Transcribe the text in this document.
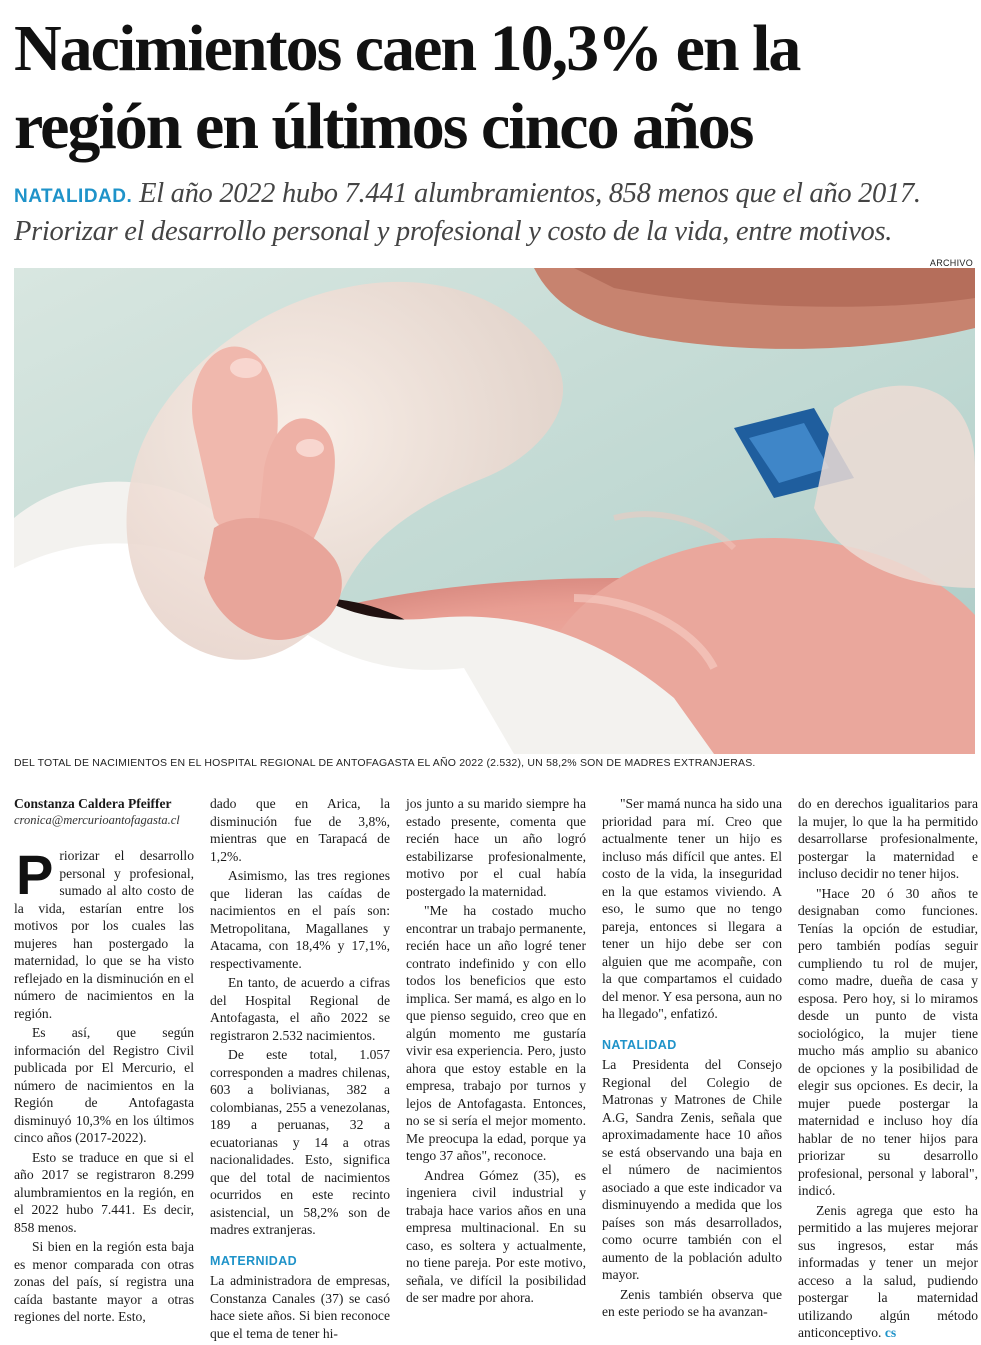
Nacimientos caen 10,3% en la
región en últimos cinco años
NATALIDAD. El año 2022 hubo 7.441 alumbramientos, 858 menos que el año 2017. Priorizar el desarrollo personal y profesional y costo de la vida, entre motivos.
ARCHIVO
DEL TOTAL DE NACIMIENTOS EN EL HOSPITAL REGIONAL DE ANTOFAGASTA EL AÑO 2022 (2.532), UN 58,2% SON DE MADRES EXTRANJERAS.
Constanza Caldera Pfeiffer
cronica@mercurioantofagasta.cl

Priorizar el desarrollo personal y profesional, sumado al alto costo de la vida, estarían entre los motivos por los cuales las mujeres han postergado la maternidad, lo que se ha visto reflejado en la disminución en el número de nacimientos en la región.

Es así, que según información del Registro Civil publicada por El Mercurio, el número de nacimientos en la Región de Antofagasta disminuyó 10,3% en los últimos cinco años (2017-2022).

Esto se traduce en que si el año 2017 se registraron 8.299 alumbramientos en la región, en el 2022 hubo 7.441. Es decir, 858 menos.

Si bien en la región esta baja es menor comparada con otras zonas del país, sí registra una caída bastante mayor a otras regiones del norte. Esto,

dado que en Arica, la disminución fue de 3,8%, mientras que en Tarapacá de 1,2%.

Asimismo, las tres regiones que lideran las caídas de nacimientos en el país son: Metropolitana, Magallanes y Atacama, con 18,4% y 17,1%, respectivamente.

En tanto, de acuerdo a cifras del Hospital Regional de Antofagasta, el año 2022 se registraron 2.532 nacimientos.

De este total, 1.057 corresponden a madres chilenas, 603 a bolivianas, 382 a colombianas, 255 a venezolanas, 189 a peruanas, 32 a ecuatorianas y 14 a otras nacionalidades. Esto, significa que del total de nacimientos ocurridos en este recinto asistencial, un 58,2% son de madres extranjeras.

MATERNIDAD

La administradora de empresas, Constanza Canales (37) se casó hace siete años. Si bien reconoce que el tema de tener hi-

jos junto a su marido siempre ha estado presente, comenta que recién hace un año logró estabilizarse profesionalmente, motivo por el cual había postergado la maternidad.

"Me ha costado mucho encontrar un trabajo permanente, recién hace un año logré tener contrato indefinido y con ello todos los beneficios que esto implica. Ser mamá, es algo en lo que pienso seguido, creo que en algún momento me gustaría vivir esa experiencia. Pero, justo ahora que estoy estable en la empresa, trabajo por turnos y lejos de Antofagasta. Entonces, no se si sería el mejor momento. Me preocupa la edad, porque ya tengo 37 años", reconoce.

Andrea Gómez (35), es ingeniera civil industrial y trabaja hace varios años en una empresa multinacional. En su caso, es soltera y actualmente, no tiene pareja. Por este motivo, señala, ve difícil la posibilidad de ser madre por ahora.

"Ser mamá nunca ha sido una prioridad para mí. Creo que actualmente tener un hijo es incluso más difícil que antes. El costo de la vida, la inseguridad en la que estamos viviendo. A eso, le sumo que no tengo pareja, entonces si llegara a tener un hijo debe ser con alguien que me acompañe, con la que compartamos el cuidado del menor. Y esa persona, aun no ha llegado", enfatizó.

NATALIDAD

La Presidenta del Consejo Regional del Colegio de Matronas y Matrones de Chile A.G, Sandra Zenis, señala que aproximadamente hace 10 años se está observando una baja en el número de nacimientos asociado a que este indicador va disminuyendo a medida que los países son más desarrollados, como ocurre también con el aumento de la población adulto mayor.

Zenis también observa que en este periodo se ha avanzan-

do en derechos igualitarios para la mujer, lo que la ha permitido desarrollarse profesionalmente, postergar la maternidad e incluso decidir no tener hijos.

"Hace 20 ó 30 años te designaban como funciones. Tenías la opción de estudiar, pero también podías seguir cumpliendo tu rol de mujer, como madre, dueña de casa y esposa. Pero hoy, si lo miramos desde un punto de vista sociológico, la mujer tiene mucho más amplio su abanico de opciones y la posibilidad de elegir sus opciones. Es decir, la mujer puede postergar la maternidad e incluso hoy día hablar de no tener hijos para priorizar su desarrollo profesional, personal y laboral", indicó.

Zenis agrega que esto ha permitido a las mujeres mejorar sus ingresos, estar más informadas y tener un mejor acceso a la salud, pudiendo postergar la maternidad utilizando algún método anticonceptivo. cs
